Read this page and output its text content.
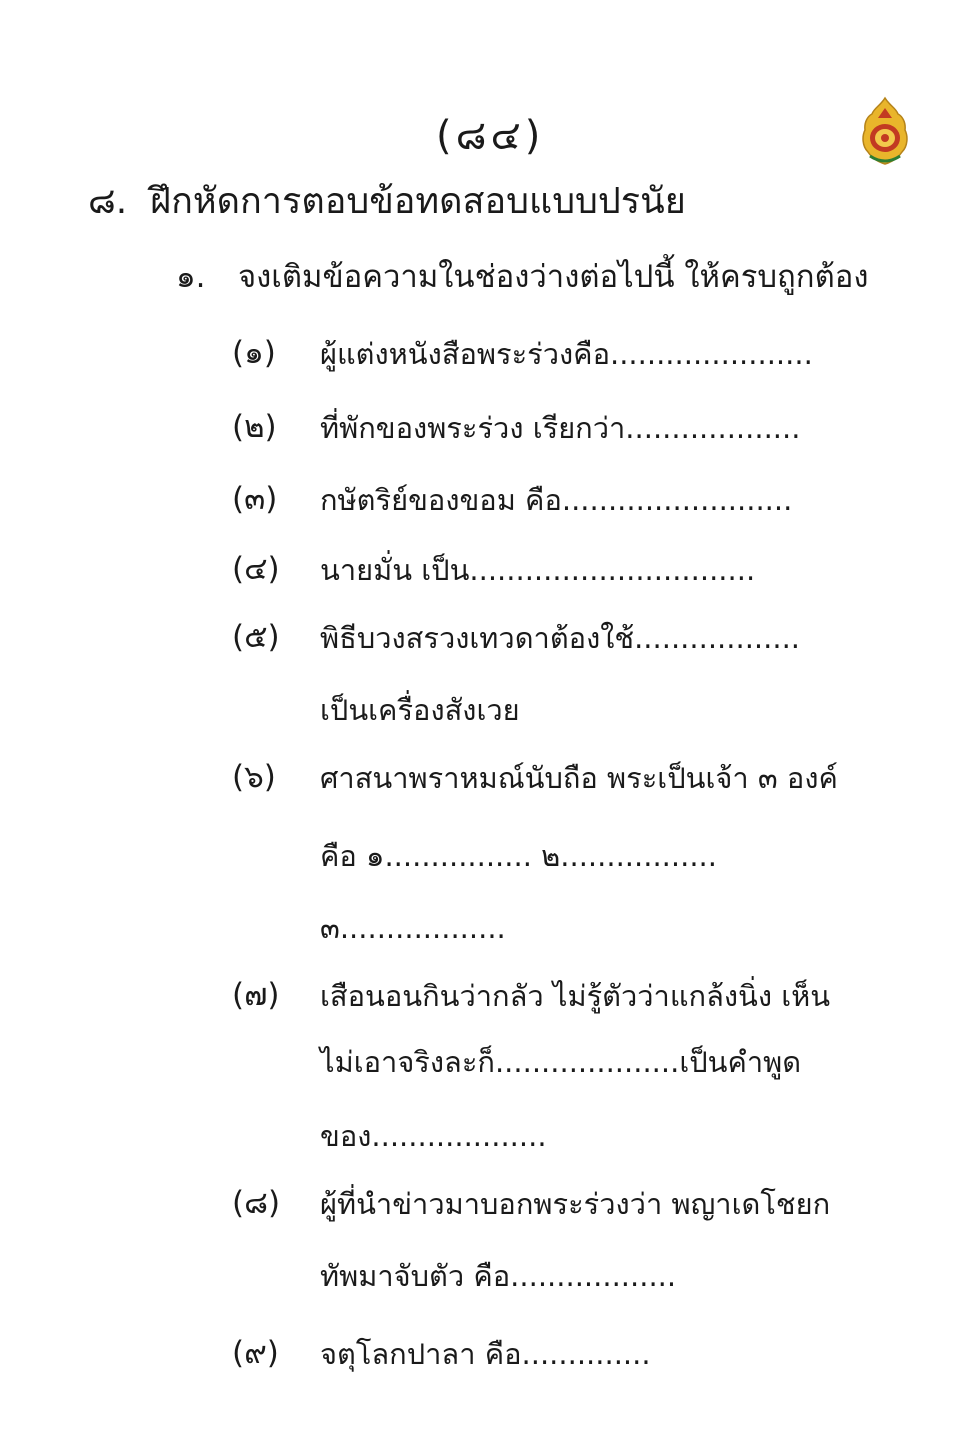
(๘๔)
๘. ฝึกหัดการตอบข้อทดสอบแบบปรนัย
๑. จงเติมข้อความในช่องว่างต่อไปนี้ ให้ครบถูกต้อง
(๑) ผู้แต่งหนังสือพระร่วงคือ......................
(๒) ที่พักของพระร่วง เรียกว่า...................
(๓) กษัตริย์ของขอม คือ.........................
(๔) นายมั่น เป็น...............................
(๕) พิธีบวงสรวงเทวดาต้องใช้..................
เป็นเครื่องสังเวย
(๖) ศาสนาพราหมณ์นับถือ พระเป็นเจ้า ๓ องค์
คือ ๑................ ๒.................
๓..................
(๗) เสือนอนกินว่ากลัว ไม่รู้ตัวว่าแกล้งนิ่ง เห็น
ไม่เอาจริงละก็....................เป็นคำพูด
ของ...................
(๘) ผู้ที่นำข่าวมาบอกพระร่วงว่า พญาเดโชยก
ทัพมาจับตัว คือ..................
(๙) จตุโลกปาลา คือ..............
